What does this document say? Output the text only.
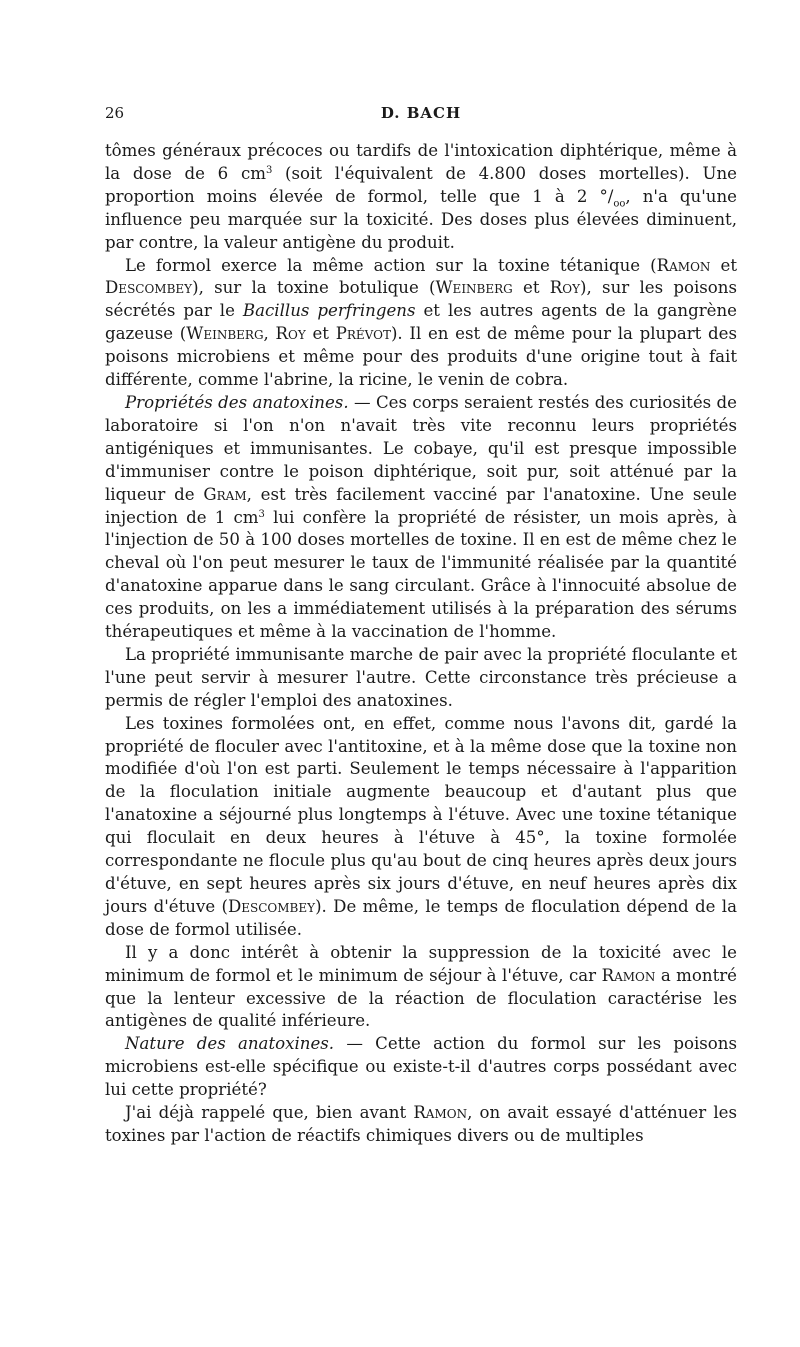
26	D. BACH

tômes généraux précoces ou tardifs de l'intoxication diphtérique, même à la dose de 6 $cm^3$ (soit l'équivalent de 4.800 doses mortelles). Une proportion moins élevée de formol, telle que 1 à 2 $^\circ/_{oo}$, n'a qu'une influence peu marquée sur la toxicité. Des doses plus élevées diminuent, par contre, la valeur antigène du produit.

Le formol exerce la même action sur la toxine tétanique (Ramon et Descombey), sur la toxine botulique (Weinberg et Roy), sur les poisons sécrétés par le Bacillus perfringens et les autres agents de la gangrène gazeuse (Weinberg, Roy et Prévot). Il en est de même pour la plupart des poisons microbiens et même pour des produits d'une origine tout à fait différente, comme l'abrine, la ricine, le venin de cobra.

Propriétés des anatoxines. — Ces corps seraient restés des curiosités de laboratoire si l'on n'on n'avait très vite reconnu leurs propriétés antigéniques et immunisantes. Le cobaye, qu'il est presque impossible d'immuniser contre le poison diphtérique, soit pur, soit atténué par la liqueur de Gram, est très facilement vacciné par l'anatoxine. Une seule injection de 1 $cm^3$ lui confère la propriété de résister, un mois après, à l'injection de 50 à 100 doses mortelles de toxine. Il en est de même chez le cheval où l'on peut mesurer le taux de l'immunité réalisée par la quantité d'anatoxine apparue dans le sang circulant. Grâce à l'innocuité absolue de ces produits, on les a immédiatement utilisés à la préparation des sérums thérapeutiques et même à la vaccination de l'homme.

La propriété immunisante marche de pair avec la propriété floculante et l'une peut servir à mesurer l'autre. Cette circonstance très précieuse a permis de régler l'emploi des anatoxines.

Les toxines formolées ont, en effet, comme nous l'avons dit, gardé la propriété de floculer avec l'antitoxine, et à la même dose que la toxine non modifiée d'où l'on est parti. Seulement le temps nécessaire à l'apparition de la floculation initiale augmente beaucoup et d'autant plus que l'anatoxine a séjourné plus longtemps à l'étuve. Avec une toxine tétanique qui floculait en deux heures à l'étuve à 45°, la toxine formolée correspondante ne flocule plus qu'au bout de cinq heures après deux jours d'étuve, en sept heures après six jours d'étuve, en neuf heures après dix jours d'étuve (Descombey). De même, le temps de floculation dépend de la dose de formol utilisée.

Il y a donc intérêt à obtenir la suppression de la toxicité avec le minimum de formol et le minimum de séjour à l'étuve, car Ramon a montré que la lenteur excessive de la réaction de floculation caractérise les antigènes de qualité inférieure.

Nature des anatoxines. — Cette action du formol sur les poisons microbiens est-elle spécifique ou existe-t-il d'autres corps possédant avec lui cette propriété?

J'ai déjà rappelé que, bien avant Ramon, on avait essayé d'atténuer les toxines par l'action de réactifs chimiques divers ou de multiples
